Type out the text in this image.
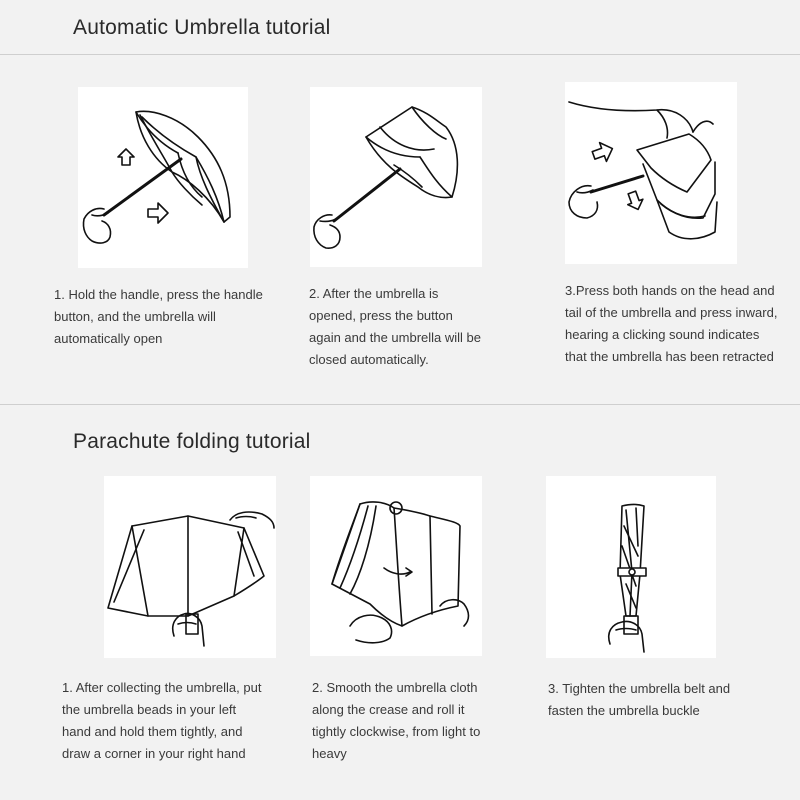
Automatic Umbrella tutorial
1. Hold the handle, press the handle button, and the umbrella will automatically open
2. After the umbrella is opened, press the button again and the umbrella will be closed automatically.
3.Press both hands on the head and tail of the umbrella and press inward, hearing a clicking sound indicates that the umbrella has been retracted
Parachute folding tutorial
1. After collecting the umbrella, put the umbrella beads in your left hand and hold them tightly, and draw a corner in your right hand
2. Smooth the umbrella cloth along the crease and roll it tightly clockwise, from light to heavy
3. Tighten the umbrella belt and fasten the umbrella buckle
